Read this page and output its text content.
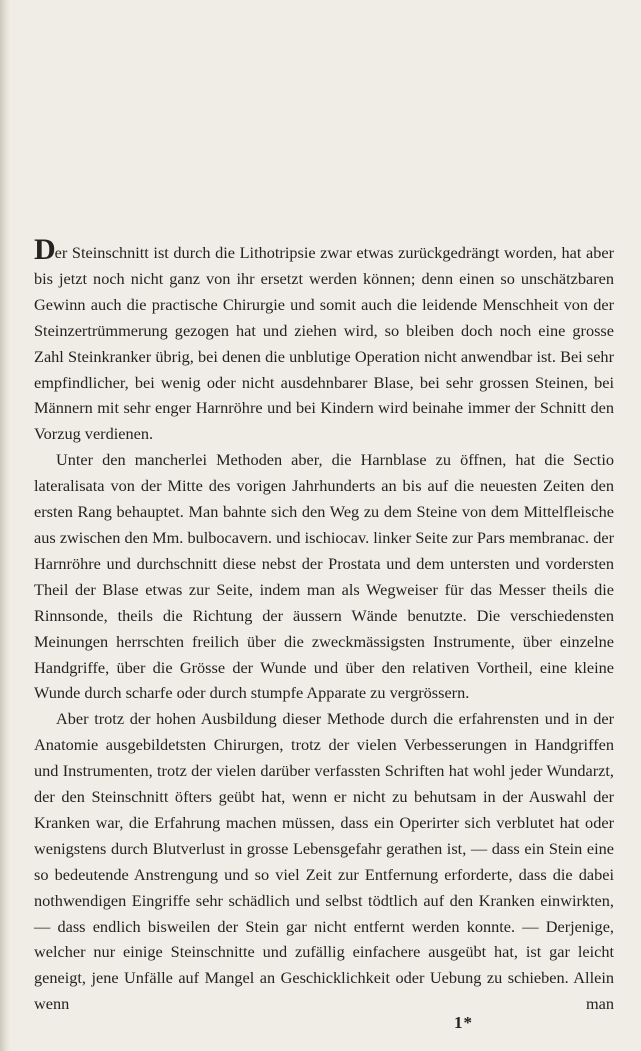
Der Steinschnitt ist durch die Lithotripsie zwar etwas zurückgedrängt worden, hat aber bis jetzt noch nicht ganz von ihr ersetzt werden können; denn einen so unschätzbaren Gewinn auch die practische Chirurgie und somit auch die leidende Menschheit von der Steinzertrümmerung gezogen hat und ziehen wird, so bleiben doch noch eine grosse Zahl Steinkranker übrig, bei denen die unblutige Operation nicht anwendbar ist. Bei sehr empfindlicher, bei wenig oder nicht ausdehnbarer Blase, bei sehr grossen Steinen, bei Männern mit sehr enger Harnröhre und bei Kindern wird beinahe immer der Schnitt den Vorzug verdienen.

Unter den mancherlei Methoden aber, die Harnblase zu öffnen, hat die Sectio lateralisata von der Mitte des vorigen Jahrhunderts an bis auf die neuesten Zeiten den ersten Rang behauptet. Man bahnte sich den Weg zu dem Steine von dem Mittelfleische aus zwischen den Mm. bulbocavern. und ischiocav. linker Seite zur Pars membranac. der Harnröhre und durchschnitt diese nebst der Prostata und dem untersten und vordersten Theil der Blase etwas zur Seite, indem man als Wegweiser für das Messer theils die Rinnsonde, theils die Richtung der äussern Wände benutzte. Die verschiedensten Meinungen herrschten freilich über die zweckmässigsten Instrumente, über einzelne Handgriffe, über die Grösse der Wunde und über den relativen Vortheil, eine kleine Wunde durch scharfe oder durch stumpfe Apparate zu vergrössern.

Aber trotz der hohen Ausbildung dieser Methode durch die erfahrensten und in der Anatomie ausgebildetsten Chirurgen, trotz der vielen Verbesserungen in Handgriffen und Instrumenten, trotz der vielen darüber verfassten Schriften hat wohl jeder Wundarzt, der den Steinschnitt öfters geübt hat, wenn er nicht zu behutsam in der Auswahl der Kranken war, die Erfahrung machen müssen, dass ein Operirter sich verblutet hat oder wenigstens durch Blutverlust in grosse Lebensgefahr gerathen ist, — dass ein Stein eine so bedeutende Anstrengung und so viel Zeit zur Entfernung erforderte, dass die dabei nothwendigen Eingriffe sehr schädlich und selbst tödtlich auf den Kranken einwirkten, — dass endlich bisweilen der Stein gar nicht entfernt werden konnte. — Derjenige, welcher nur einige Steinschnitte und zufällig einfachere ausgeübt hat, ist gar leicht geneigt, jene Unfälle auf Mangel an Geschicklichkeit oder Uebung zu schieben. Allein wenn man

1*
